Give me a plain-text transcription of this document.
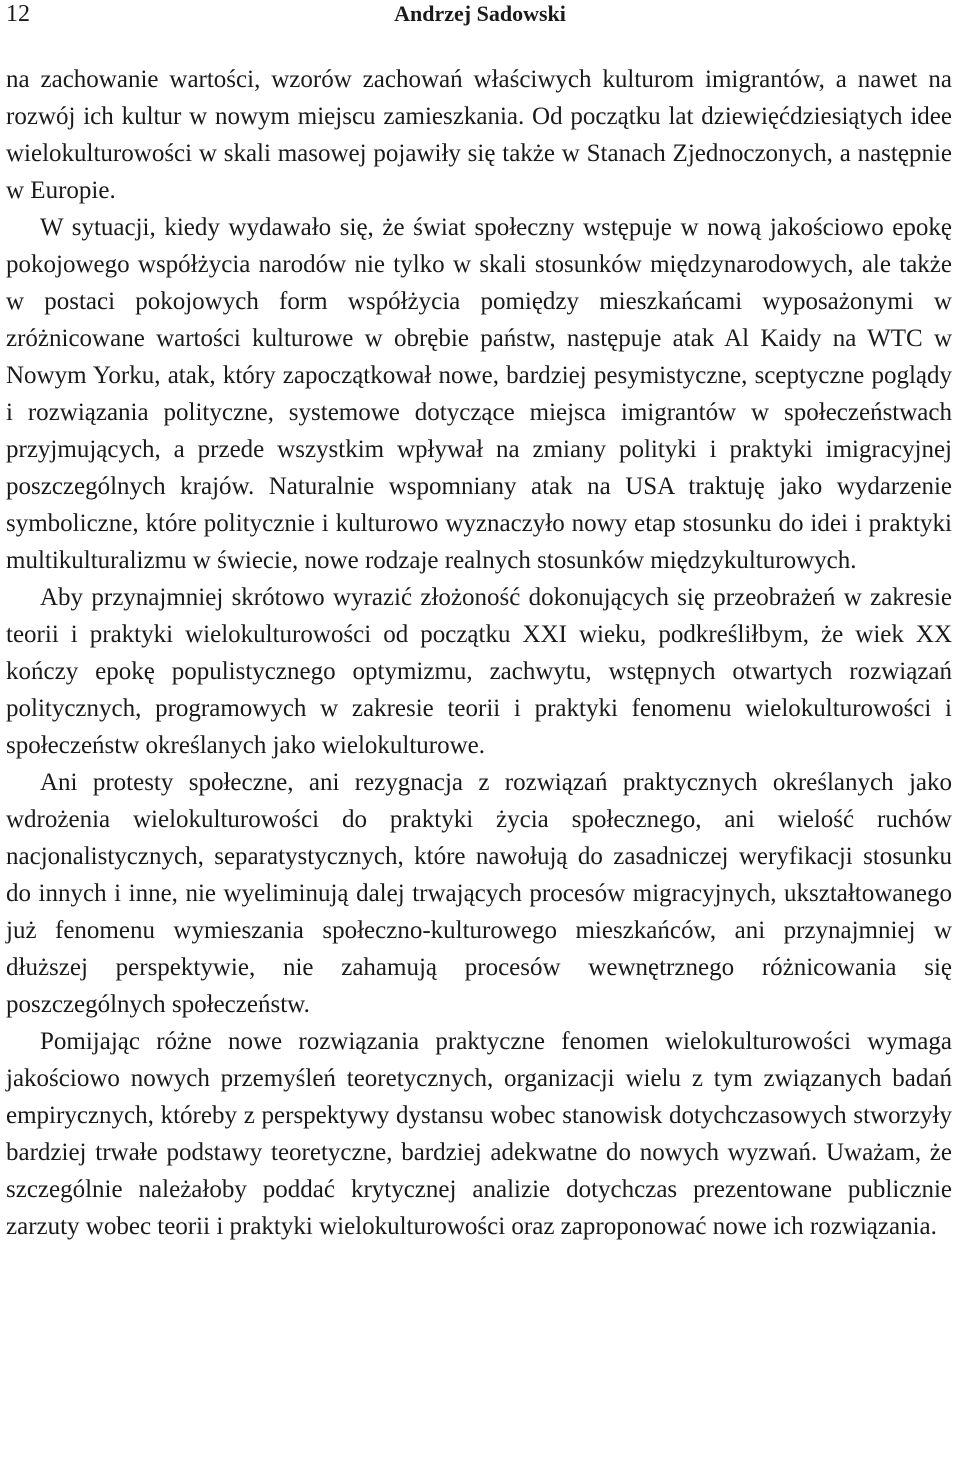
12	Andrzej Sadowski

na zachowanie wartości, wzorów zachowań właściwych kulturom imigrantów, a nawet na rozwój ich kultur w nowym miejscu zamieszkania. Od początku lat dziewięćdziesiątych idee wielokulturowości w skali masowej pojawiły się także w Stanach Zjednoczonych, a następnie w Europie.

W sytuacji, kiedy wydawało się, że świat społeczny wstępuje w nową jakościowo epokę pokojowego współżycia narodów nie tylko w skali stosunków międzynarodowych, ale także w postaci pokojowych form współżycia pomiędzy mieszkańcami wyposażonymi w zróżnicowane wartości kulturowe w obrębie państw, następuje atak Al Kaidy na WTC w Nowym Yorku, atak, który zapoczątkował nowe, bardziej pesymistyczne, sceptyczne poglądy i rozwiązania polityczne, systemowe dotyczące miejsca imigrantów w społeczeństwach przyjmujących, a przede wszystkim wpływał na zmiany polityki i praktyki imigracyjnej poszczególnych krajów. Naturalnie wspomniany atak na USA traktuję jako wydarzenie symboliczne, które politycznie i kulturowo wyznaczyło nowy etap stosunku do idei i praktyki multikulturalizmu w świecie, nowe rodzaje realnych stosunków międzykulturowych.

Aby przynajmniej skrótowo wyrazić złożoność dokonujących się przeobrażeń w zakresie teorii i praktyki wielokulturowości od początku XXI wieku, podkreśliłbym, że wiek XX kończy epokę populistycznego optymizmu, zachwytu, wstępnych otwartych rozwiązań politycznych, programowych w zakresie teorii i praktyki fenomenu wielokulturowości i społeczeństw określanych jako wielokulturowe.

Ani protesty społeczne, ani rezygnacja z rozwiązań praktycznych określanych jako wdrożenia wielokulturowości do praktyki życia społecznego, ani wielość ruchów nacjonalistycznych, separatystycznych, które nawołują do zasadniczej weryfikacji stosunku do innych i inne, nie wyeliminują dalej trwających procesów migracyjnych, ukształtowanego już fenomenu wymieszania społeczno-kulturowego mieszkańców, ani przynajmniej w dłuższej perspektywie, nie zahamują procesów wewnętrznego różnicowania się poszczególnych społeczeństw.

Pomijając różne nowe rozwiązania praktyczne fenomen wielokulturowości wymaga jakościowo nowych przemyśleń teoretycznych, organizacji wielu z tym związanych badań empirycznych, któreby z perspektywy dystansu wobec stanowisk dotychczasowych stworzyły bardziej trwałe podstawy teoretyczne, bardziej adekwatne do nowych wyzwań. Uważam, że szczególnie należałoby poddać krytycznej analizie dotychczas prezentowane publicznie zarzuty wobec teorii i praktyki wielokulturowości oraz zaproponować nowe ich rozwiązania.
